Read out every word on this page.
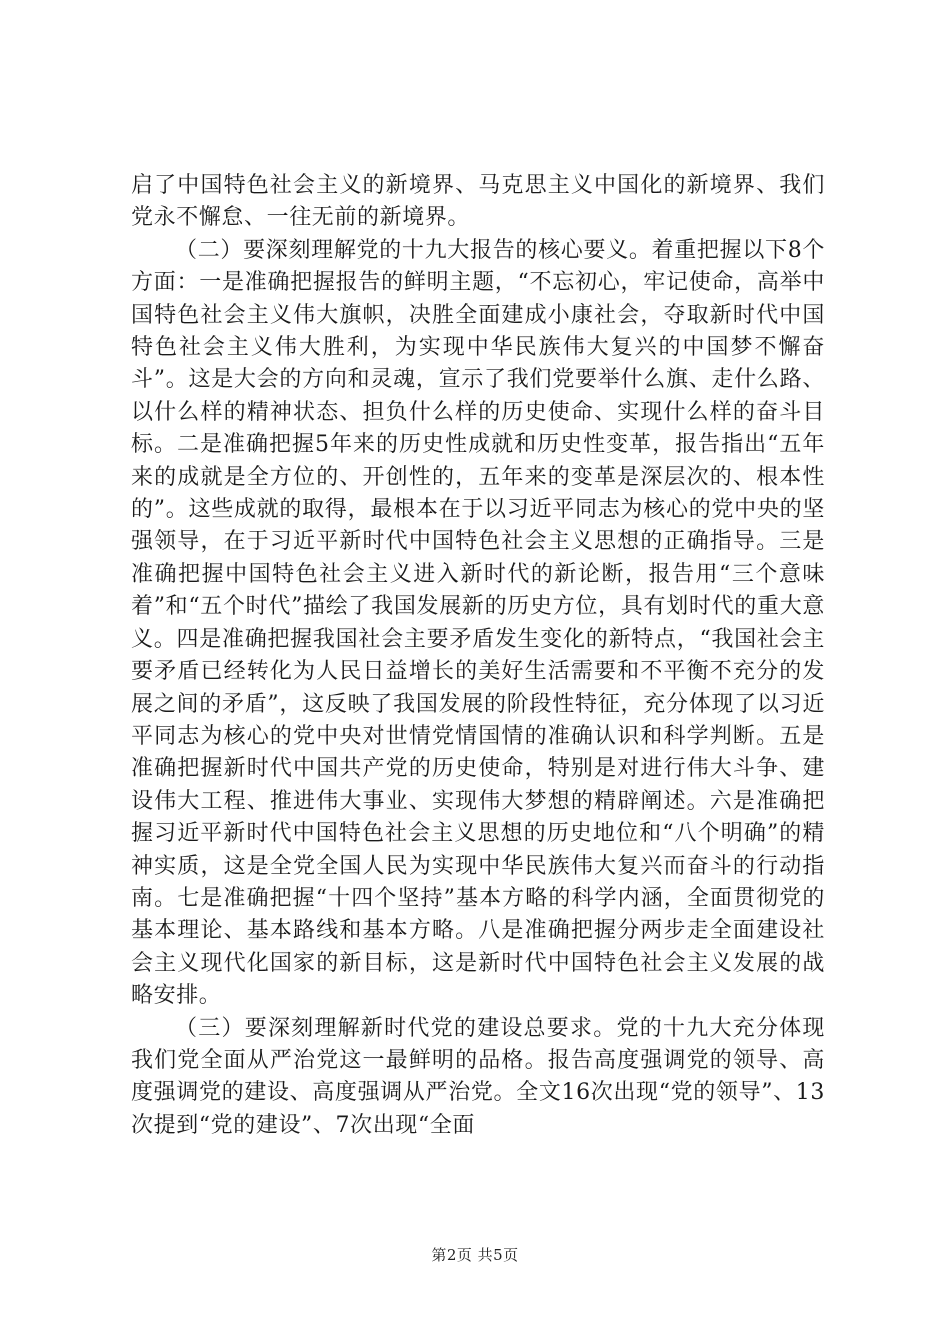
启了中国特色社会主义的新境界、马克思主义中国化的新境界、我们党永不懈怠、一往无前的新境界。

（二）要深刻理解党的十九大报告的核心要义。着重把握以下8个方面：一是准确把握报告的鲜明主题，“不忘初心，牢记使命，高举中国特色社会主义伟大旗帜，决胜全面建成小康社会，夺取新时代中国特色社会主义伟大胜利，为实现中华民族伟大复兴的中国梦不懈奋斗”。这是大会的方向和灵魂，宣示了我们党要举什么旗、走什么路、以什么样的精神状态、担负什么样的历史使命、实现什么样的奋斗目标。二是准确把握5年来的历史性成就和历史性变革，报告指出“五年来的成就是全方位的、开创性的，五年来的变革是深层次的、根本性的”。这些成就的取得，最根本在于以习近平同志为核心的党中央的坚强领导，在于习近平新时代中国特色社会主义思想的正确指导。三是准确把握中国特色社会主义进入新时代的新论断，报告用“三个意味着”和“五个时代”描绘了我国发展新的历史方位，具有划时代的重大意义。四是准确把握我国社会主要矛盾发生变化的新特点，“我国社会主要矛盾已经转化为人民日益增长的美好生活需要和不平衡不充分的发展之间的矛盾”，这反映了我国发展的阶段性特征，充分体现了以习近平同志为核心的党中央对世情党情国情的准确认识和科学判断。五是准确把握新时代中国共产党的历史使命，特别是对进行伟大斗争、建设伟大工程、推进伟大事业、实现伟大梦想的精辟阐述。六是准确把握习近平新时代中国特色社会主义思想的历史地位和“八个明确”的精神实质，这是全党全国人民为实现中华民族伟大复兴而奋斗的行动指南。七是准确把握“十四个坚持”基本方略的科学内涵，全面贯彻党的基本理论、基本路线和基本方略。八是准确把握分两步走全面建设社会主义现代化国家的新目标，这是新时代中国特色社会主义发展的战略安排。

（三）要深刻理解新时代党的建设总要求。党的十九大充分体现我们党全面从严治党这一最鲜明的品格。报告高度强调党的领导、高度强调党的建设、高度强调从严治党。全文16次出现“党的领导”、13次提到“党的建设”、7次出现“全面

第2页 共5页
